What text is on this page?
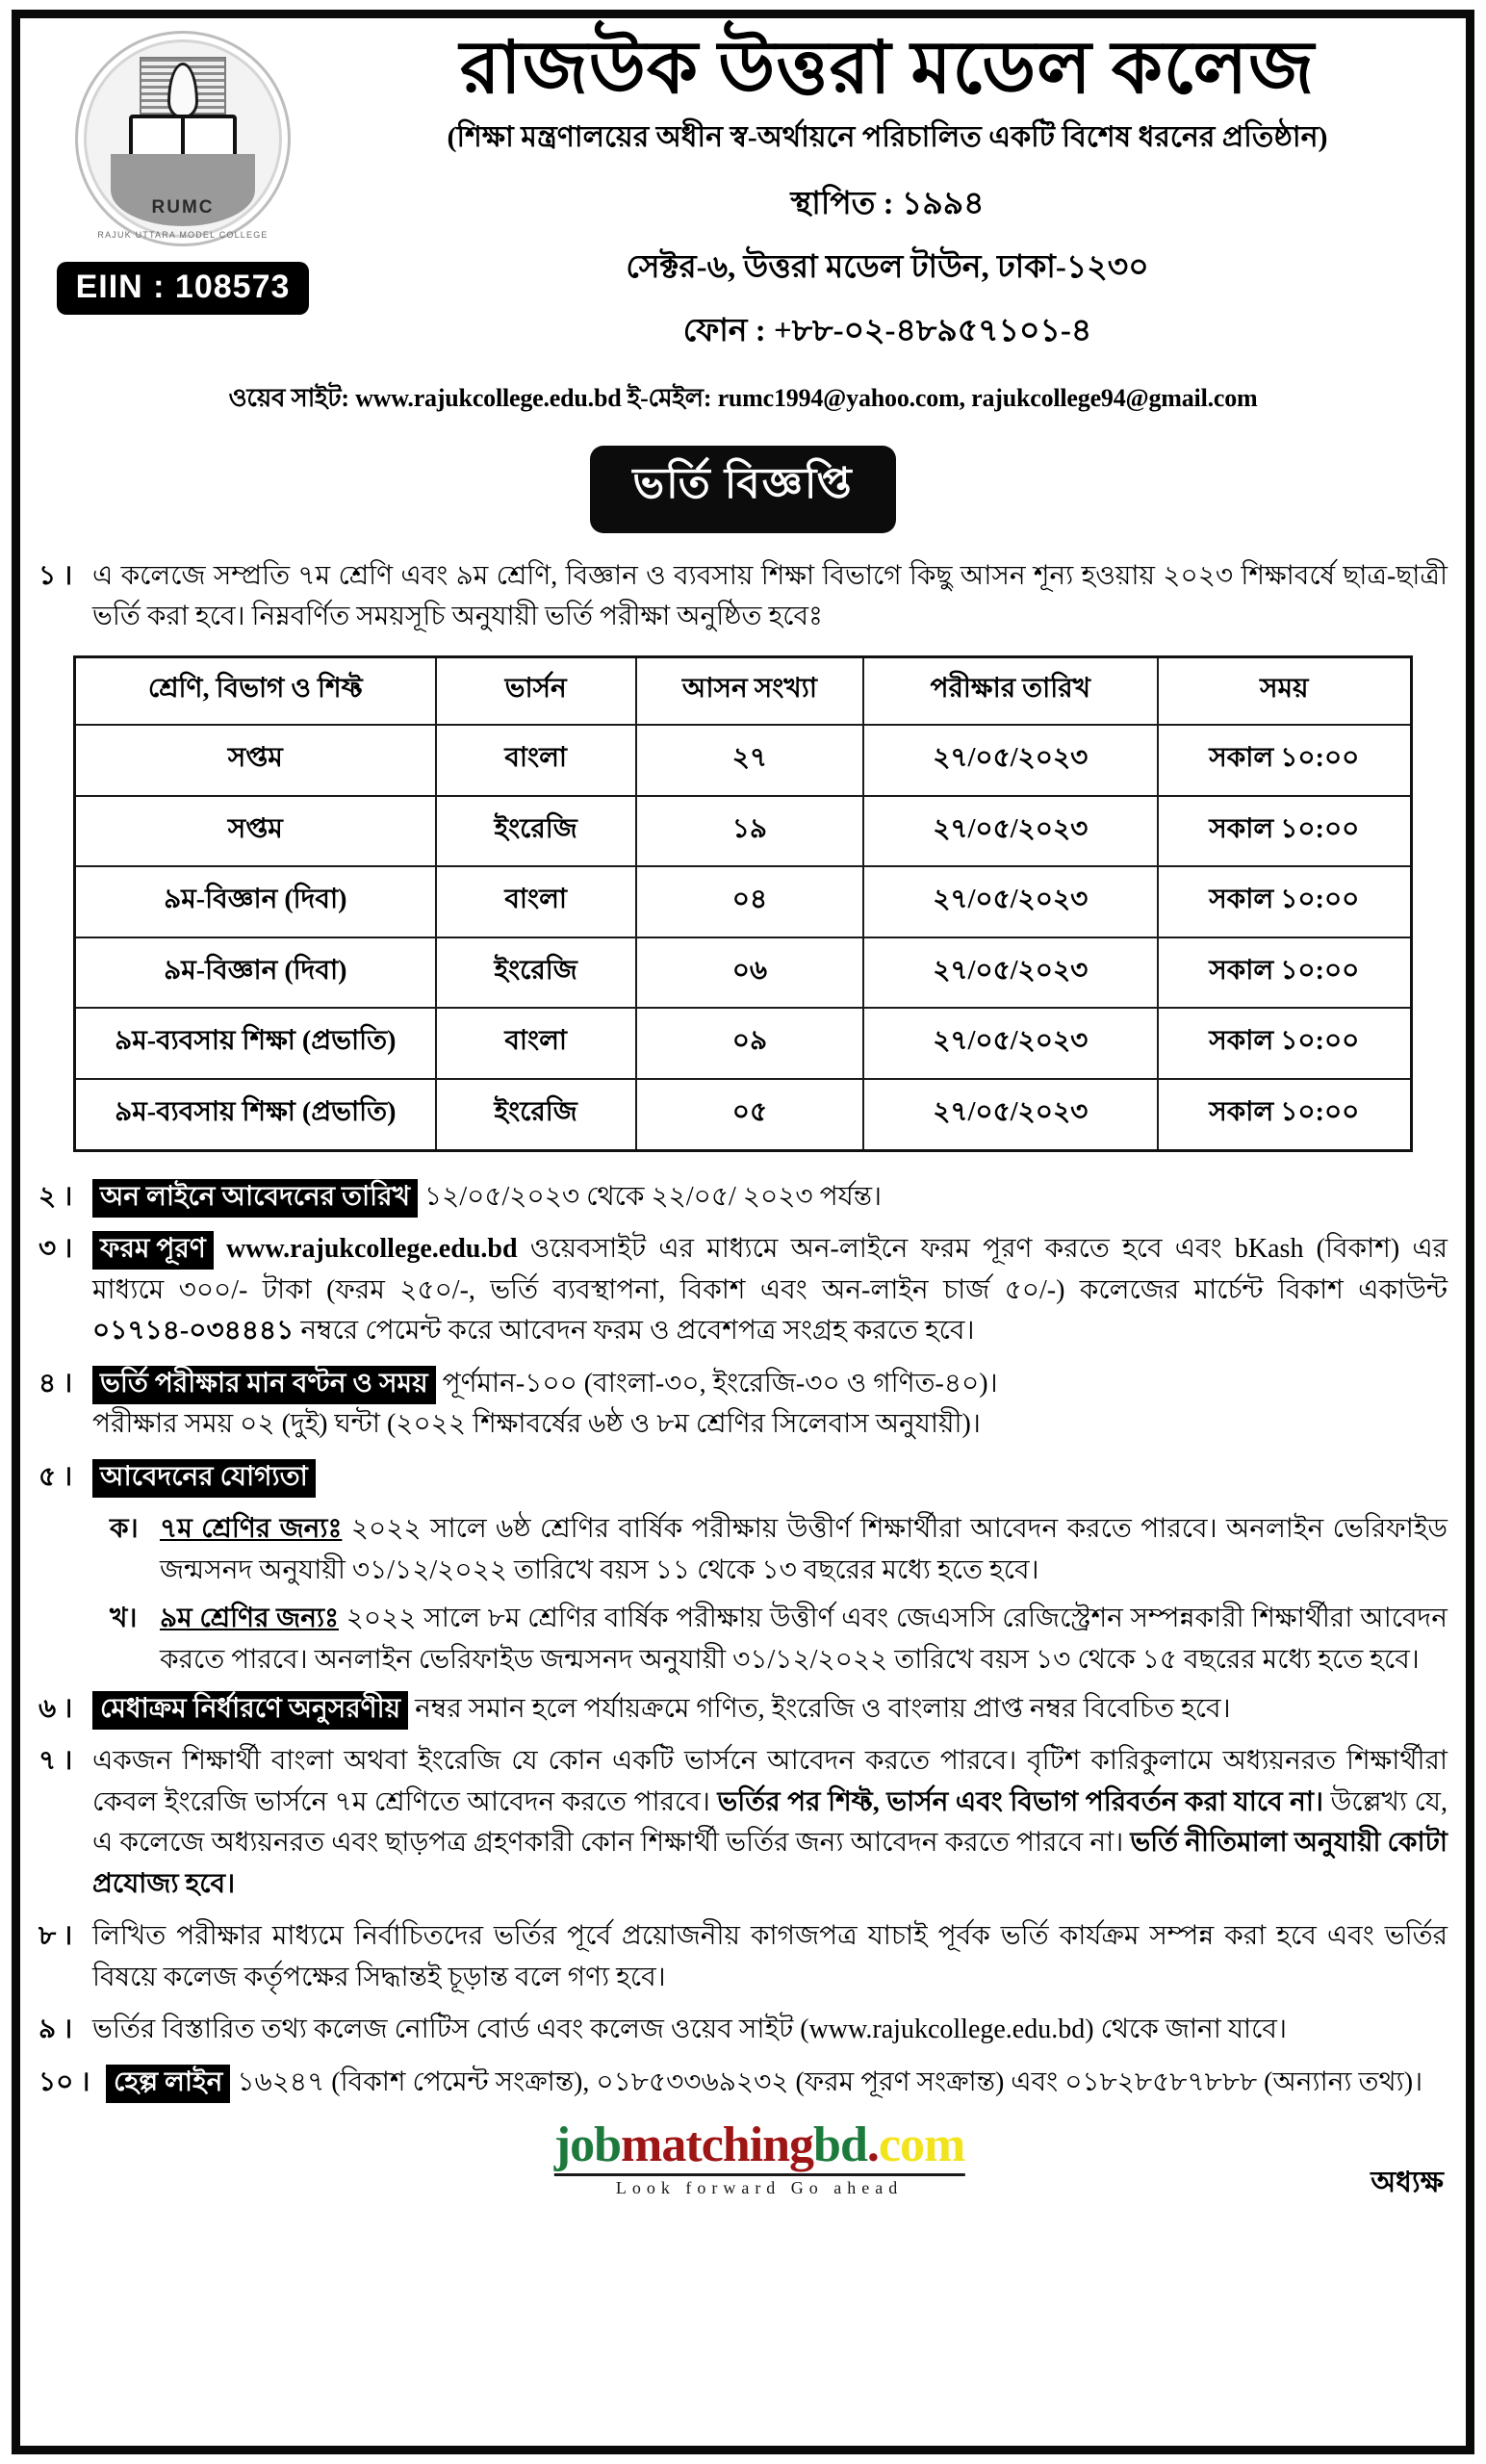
RUMC
RAJUK UTTARA MODEL COLLEGE
EIIN : 108573
রাজউক উত্তরা মডেল কলেজ
(শিক্ষা মন্ত্রণালয়ের অধীন স্ব-অর্থায়নে পরিচালিত একটি বিশেষ ধরনের প্রতিষ্ঠান)
স্থাপিত : ১৯৯৪
সেক্টর-৬, উত্তরা মডেল টাউন, ঢাকা-১২৩০
ফোন : +৮৮-০২-৪৮৯৫৭১০১-৪
ওয়েব সাইট: www.rajukcollege.edu.bd ই-মেইল: rumc1994@yahoo.com, rajukcollege94@gmail.com
ভর্তি বিজ্ঞপ্তি
১ । এ কলেজে সম্প্রতি ৭ম শ্রেণি এবং ৯ম শ্রেণি, বিজ্ঞান ও ব্যবসায় শিক্ষা বিভাগে কিছু আসন শূন্য হওয়ায় ২০২৩ শিক্ষাবর্ষে ছাত্র-ছাত্রী ভর্তি করা হবে। নিম্নবর্ণিত সময়সূচি অনুযায়ী ভর্তি পরীক্ষা অনুষ্ঠিত হবেঃ
শ্রেণি, বিভাগ ও শিফ্ট	ভার্সন	আসন সংখ্যা	পরীক্ষার তারিখ	সময়
সপ্তম	বাংলা	২৭	২৭/০৫/২০২৩	সকাল ১০:০০
সপ্তম	ইংরেজি	১৯	২৭/০৫/২০২৩	সকাল ১০:০০
৯ম-বিজ্ঞান (দিবা)	বাংলা	০৪	২৭/০৫/২০২৩	সকাল ১০:০০
৯ম-বিজ্ঞান (দিবা)	ইংরেজি	০৬	২৭/০৫/২০২৩	সকাল ১০:০০
৯ম-ব্যবসায় শিক্ষা (প্রভাতি)	বাংলা	০৯	২৭/০৫/২০২৩	সকাল ১০:০০
৯ম-ব্যবসায় শিক্ষা (প্রভাতি)	ইংরেজি	০৫	২৭/০৫/২০২৩	সকাল ১০:০০
২ ।	অন লাইনে আবেদনের তারিখ ১২/০৫/২০২৩ থেকে ২২/০৫/ ২০২৩ পর্যন্ত।
৩ ।	ফরম পূরণ www.rajukcollege.edu.bd ওয়েবসাইট এর মাধ্যমে অন-লাইনে ফরম পূরণ করতে হবে এবং bKash (বিকাশ) এর মাধ্যমে ৩০০/- টাকা (ফরম ২৫০/-, ভর্তি ব্যবস্থাপনা, বিকাশ এবং অন-লাইন চার্জ ৫০/-) কলেজের মার্চেন্ট বিকাশ একাউন্ট ০১৭১৪-০৩৪৪৪১ নম্বরে পেমেন্ট করে আবেদন ফরম ও প্রবেশপত্র সংগ্রহ করতে হবে।
৪ ।	ভর্তি পরীক্ষার মান বণ্টন ও সময় পূর্ণমান-১০০ (বাংলা-৩০, ইংরেজি-৩০ ও গণিত-৪০)।
পরীক্ষার সময় ০২ (দুই) ঘন্টা (২০২২ শিক্ষাবর্ষের ৬ষ্ঠ ও ৮ম শ্রেণির সিলেবাস অনুযায়ী)।
৫ ।	আবেদনের যোগ্যতা
ক। ৭ম শ্রেণির জন্যঃ ২০২২ সালে ৬ষ্ঠ শ্রেণির বার্ষিক পরীক্ষায় উত্তীর্ণ শিক্ষার্থীরা আবেদন করতে পারবে। অনলাইন ভেরিফাইড জন্মসনদ অনুযায়ী ৩১/১২/২০২২ তারিখে বয়স ১১ থেকে ১৩ বছরের মধ্যে হতে হবে।
খ। ৯ম শ্রেণির জন্যঃ ২০২২ সালে ৮ম শ্রেণির বার্ষিক পরীক্ষায় উত্তীর্ণ এবং জেএসসি রেজিস্ট্রেশন সম্পন্নকারী শিক্ষার্থীরা আবেদন করতে পারবে। অনলাইন ভেরিফাইড জন্মসনদ অনুযায়ী ৩১/১২/২০২২ তারিখে বয়স ১৩ থেকে ১৫ বছরের মধ্যে হতে হবে।
৬ ।	মেধাক্রম নির্ধারণে অনুসরণীয় নম্বর সমান হলে পর্যায়ক্রমে গণিত, ইংরেজি ও বাংলায় প্রাপ্ত নম্বর বিবেচিত হবে।
৭ । একজন শিক্ষার্থী বাংলা অথবা ইংরেজি যে কোন একটি ভার্সনে আবেদন করতে পারবে। বৃটিশ কারিকুলামে অধ্যয়নরত শিক্ষার্থীরা কেবল ইংরেজি ভার্সনে ৭ম শ্রেণিতে আবেদন করতে পারবে। ভর্তির পর শিফ্ট, ভার্সন এবং বিভাগ পরিবর্তন করা যাবে না। উল্লেখ্য যে, এ কলেজে অধ্যয়নরত এবং ছাড়পত্র গ্রহণকারী কোন শিক্ষার্থী ভর্তির জন্য আবেদন করতে পারবে না। ভর্তি নীতিমালা অনুযায়ী কোটা প্রযোজ্য হবে।
৮ । লিখিত পরীক্ষার মাধ্যমে নির্বাচিতদের ভর্তির পূর্বে প্রয়োজনীয় কাগজপত্র যাচাই পূর্বক ভর্তি কার্যক্রম সম্পন্ন করা হবে এবং ভর্তির বিষয়ে কলেজ কর্তৃপক্ষের সিদ্ধান্তই চূড়ান্ত বলে গণ্য হবে।
৯ । ভর্তির বিস্তারিত তথ্য কলেজ নোটিস বোর্ড এবং কলেজ ওয়েব সাইট (www.rajukcollege.edu.bd) থেকে জানা যাবে।
১০ । হেল্প লাইন ১৬২৪৭ (বিকাশ পেমেন্ট সংক্রান্ত), ০১৮৫৩৩৬৯২৩২ (ফরম পূরণ সংক্রান্ত) এবং ০১৮২৮৫৮৭৮৮৮ (অন্যান্য তথ্য)।
jobmatchingbd.com
Look forward Go ahead	অধ্যক্ষ
